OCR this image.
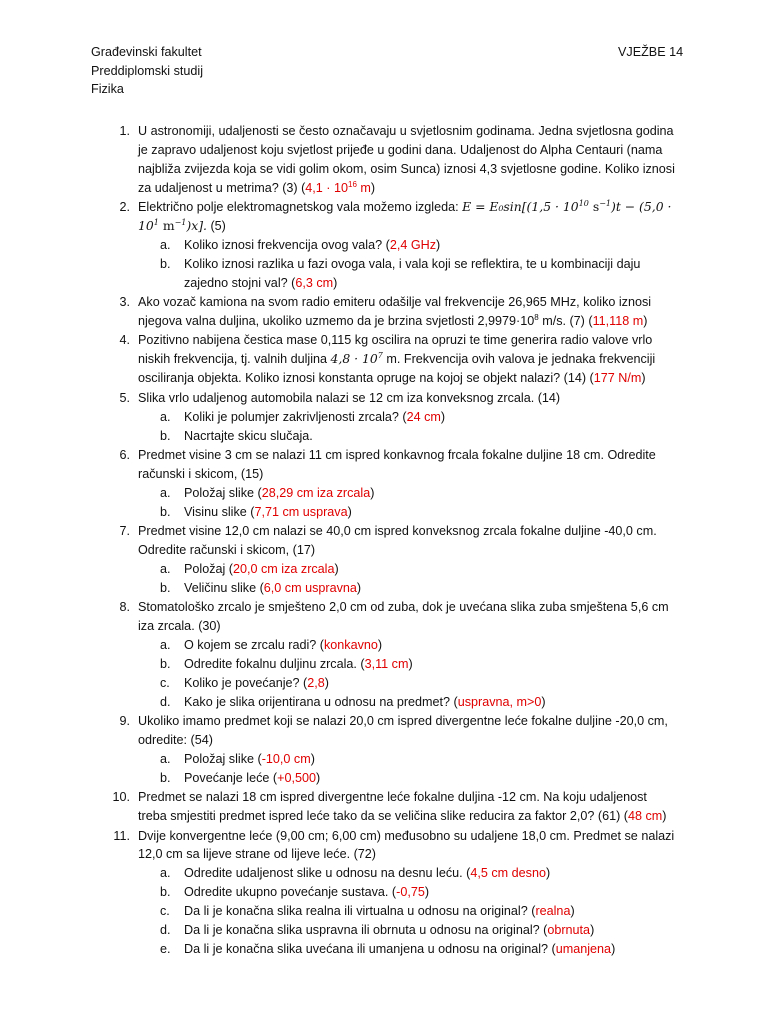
Građevinski fakultet
Preddiplomski studij
Fizika
VJEŽBE 14
1. U astronomiji, udaljenosti se često označavaju u svjetlosnim godinama. Jedna svjetlosna godina je zapravo udaljenost koju svjetlost prijeđe u godini dana. Udaljenost do Alpha Centauri (nama najbliža zvijezda koja se vidi golim okom, osim Sunca) iznosi 4,3 svjetlosne godine. Koliko iznosi za udaljenost u metrima? (3) ($4,1 \cdot 10^{16}$ m)
2. Električno polje elektromagnetskog vala možemo izgleda: $E = E_0\sin[(1,5 \cdot 10^{10}$ $s^{-1})t - (5,0 \cdot 10^1$ $m^{-1})x$]. (5)
a. Koliko iznosi frekvencija ovog vala? (2,4 GHz)
b. Koliko iznosi razlika u fazi ovoga vala, i vala koji se reflektira, te u kombinaciji daju zajedno stojni val? (6,3 cm)
3. Ako vozač kamiona na svom radio emiteru odašilje val frekvencije 26,965 MHz, koliko iznosi njegova valna duljina, ukoliko uzmemo da je brzina svjetlosti $2,9979\cdot 10^8$ m/s. (7) (11,118 m)
4. Pozitivno nabijena čestica mase 0,115 kg oscilira na opruzi te time generira radio valove vrlo niskih frekvencija, tj. valnih duljina $4,8 \cdot 10^7$ m. Frekvencija ovih valova je jednaka frekvenciji osciliranja objekta. Koliko iznosi konstanta opruge na kojoj se objekt nalazi? (14) (177 N/m)
5. Slika vrlo udaljenog automobila nalazi se 12 cm iza konveksnog zrcala. (14)
a. Koliki je polumjer zakrivljenosti zrcala? (24 cm)
b. Nacrtajte skicu slučaja.
6. Predmet visine 3 cm se nalazi 11 cm ispred konkavnog frcala fokalne duljine 18 cm. Odredite računski i skicom, (15)
a. Položaj slike (28,29 cm iza zrcala)
b. Visinu slike (7,71 cm usprava)
7. Predmet visine 12,0 cm nalazi se 40,0 cm ispred konveksnog zrcala fokalne duljine -40,0 cm. Odredite računski i skicom, (17)
a. Položaj (20,0 cm iza zrcala)
b. Veličinu slike (6,0 cm uspravna)
8. Stomatološko zrcalo je smješteno 2,0 cm od zuba, dok je uvećana slika zuba smještena 5,6 cm iza zrcala. (30)
a. O kojem se zrcalu radi? (konkavno)
b. Odredite fokalnu duljinu zrcala. (3,11 cm)
c. Koliko je povećanje? (2,8)
d. Kako je slika orijentirana u odnosu na predmet? (uspravna, m>0)
9. Ukoliko imamo predmet koji se nalazi 20,0 cm ispred divergentne leće fokalne duljine -20,0 cm, odredite: (54)
a. Položaj slike (-10,0 cm)
b. Povećanje leće (+0,500)
10. Predmet se nalazi 18 cm ispred divergentne leće fokalne duljina -12 cm. Na koju udaljenost treba smjestiti predmet ispred leće tako da se veličina slike reducira za faktor 2,0? (61) (48 cm)
11. Dvije konvergentne leće (9,00 cm; 6,00 cm) međusobno su udaljene 18,0 cm. Predmet se nalazi 12,0 cm sa lijeve strane od lijeve leće. (72)
a. Odredite udaljenost slike u odnosu na desnu leću. (4,5 cm desno)
b. Odredite ukupno povećanje sustava. (-0,75)
c. Da li je konačna slika realna ili virtualna u odnosu na original? (realna)
d. Da li je konačna slika uspravna ili obrnuta u odnosu na original? (obrnuta)
e. Da li je konačna slika uvećana ili umanjena u odnosu na original? (umanjena)
